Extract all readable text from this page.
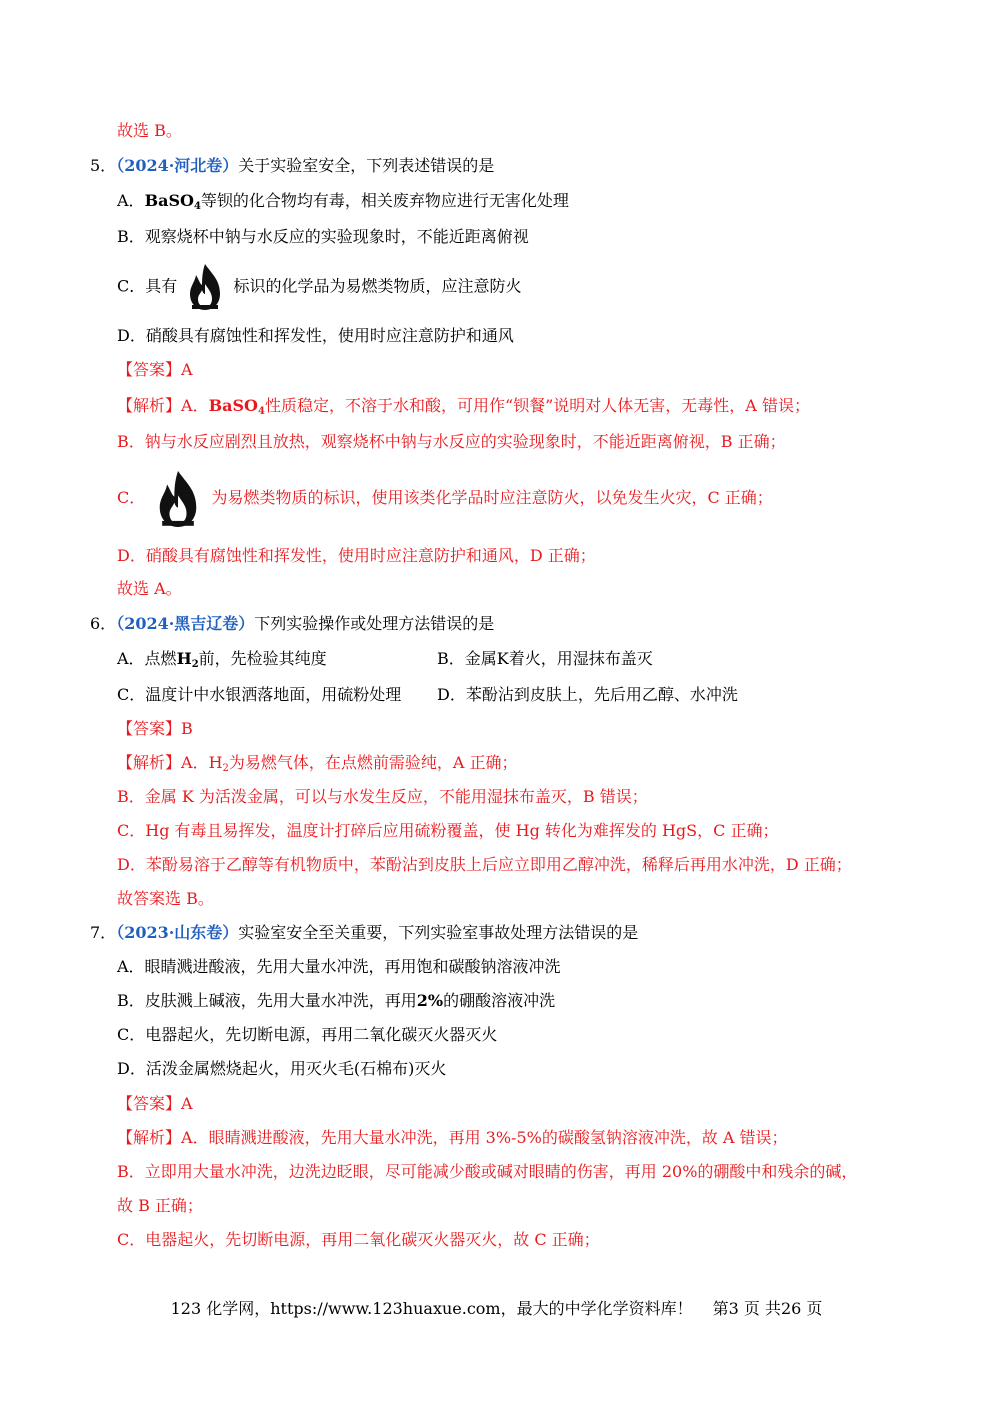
故选 B。
5．（2024·河北卷）关于实验室安全，下列表述错误的是
A．BaSO$_4$等钡的化合物均有毒，相关废弃物应进行无害化处理
B．观察烧杯中钠与水反应的实验现象时，不能近距离俯视
C．具有	标识的化学品为易燃类物质，应注意防火
D．硝酸具有腐蚀性和挥发性，使用时应注意防护和通风
【答案】A
【解析】A．BaSO$_4$性质稳定，不溶于水和酸，可用作“钡餐”说明对人体无害，无毒性，A 错误；
B．钠与水反应剧烈且放热，观察烧杯中钠与水反应的实验现象时，不能近距离俯视，B 正确；
C．	为易燃类物质的标识，使用该类化学品时应注意防火，以免发生火灾，C 正确；
D．硝酸具有腐蚀性和挥发性，使用时应注意防护和通风，D 正确；
故选 A。
6．（2024·黑吉辽卷）下列实验操作或处理方法错误的是
A．点燃$H_2$前，先检验其纯度	B．金属K着火，用湿抹布盖灭
C．温度计中水银洒落地面，用硫粉处理 D．苯酚沾到皮肤上，先后用乙醇、水冲洗
【答案】B
【解析】A．$H_2$为易燃气体，在点燃前需验纯，A 正确；
B．金属 K 为活泼金属，可以与水发生反应，不能用湿抹布盖灭，B 错误；
C．Hg 有毒且易挥发，温度计打碎后应用硫粉覆盖，使 Hg 转化为难挥发的 HgS，C 正确；
D．苯酚易溶于乙醇等有机物质中，苯酚沾到皮肤上后应立即用乙醇冲洗，稀释后再用水冲洗，D 正确；
故答案选 B。
7．（2023·山东卷）实验室安全至关重要，下列实验室事故处理方法错误的是
A．眼睛溅进酸液，先用大量水冲洗，再用饱和碳酸钠溶液冲洗
B．皮肤溅上碱液，先用大量水冲洗，再用2%的硼酸溶液冲洗
C．电器起火，先切断电源，再用二氧化碳灭火器灭火
D．活泼金属燃烧起火，用灭火毛(石棉布)灭火
【答案】A
【解析】A．眼睛溅进酸液，先用大量水冲洗，再用 3%-5%的碳酸氢钠溶液冲洗，故 A 错误；
B．立即用大量水冲洗，边洗边眨眼，尽可能减少酸或碱对眼睛的伤害，再用 20%的硼酸中和残余的碱，
故 B 正确；
C．电器起火，先切断电源，再用二氧化碳灭火器灭火，故 C 正确；
123 化学网，https://www.123huaxue.com，最大的中学化学资料库！ 第3 页 共26 页
